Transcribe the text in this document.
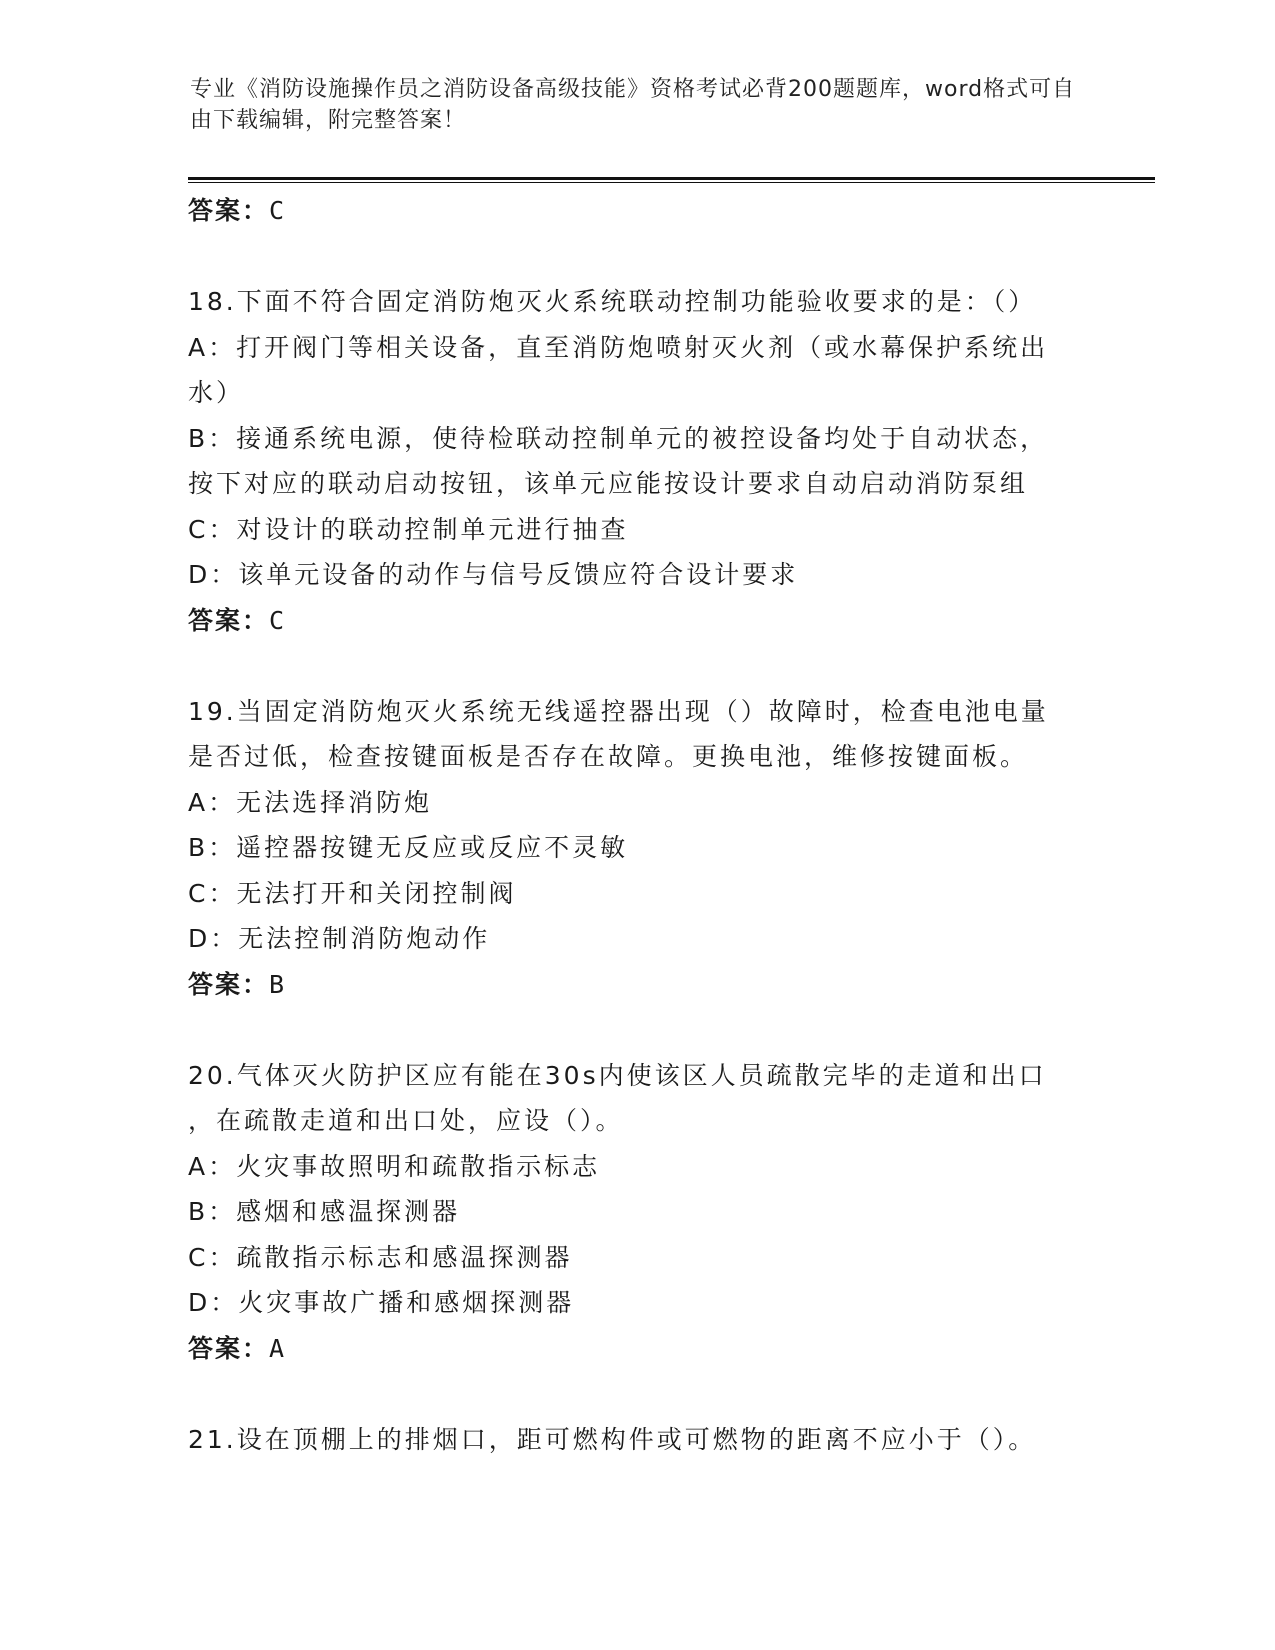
专业《消防设施操作员之消防设备高级技能》资格考试必背200题题库，word格式可自由下载编辑，附完整答案！
答案：C
18.下面不符合固定消防炮灭火系统联动控制功能验收要求的是：（）
A：打开阀门等相关设备，直至消防炮喷射灭火剂（或水幕保护系统出
水）
B：接通系统电源，使待检联动控制单元的被控设备均处于自动状态，
按下对应的联动启动按钮，该单元应能按设计要求自动启动消防泵组
C：对设计的联动控制单元进行抽查
D：该单元设备的动作与信号反馈应符合设计要求
答案：C
19.当固定消防炮灭火系统无线遥控器出现（）故障时，检查电池电量
是否过低，检查按键面板是否存在故障。更换电池，维修按键面板。
A：无法选择消防炮
B：遥控器按键无反应或反应不灵敏
C：无法打开和关闭控制阀
D：无法控制消防炮动作
答案：B
20.气体灭火防护区应有能在30s内使该区人员疏散完毕的走道和出口
，在疏散走道和出口处，应设（）。
A：火灾事故照明和疏散指示标志
B：感烟和感温探测器
C：疏散指示标志和感温探测器
D：火灾事故广播和感烟探测器
答案：A
21.设在顶棚上的排烟口，距可燃构件或可燃物的距离不应小于（）。
